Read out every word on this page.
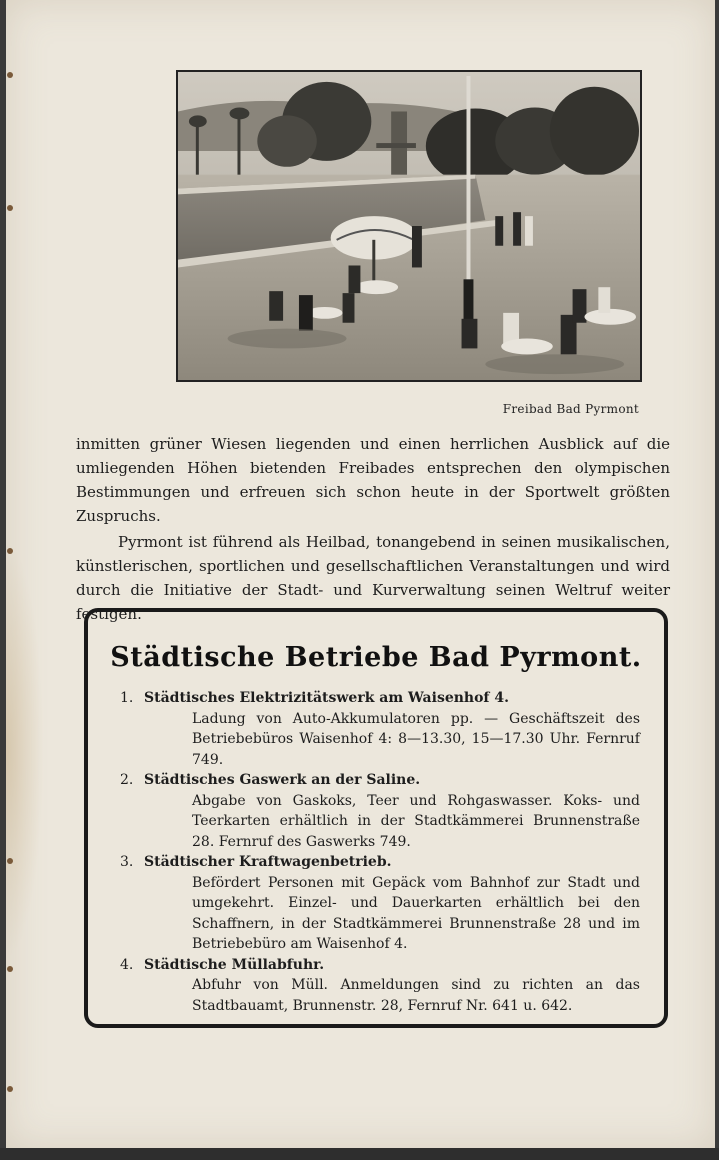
Freibad Bad Pyrmont

inmitten grüner Wiesen liegenden und einen herrlichen Ausblick auf die umliegenden Höhen bietenden Freibades entsprechen den olympischen Bestimmungen und erfreuen sich schon heute in der Sportwelt größten Zuspruchs.

Pyrmont ist führend als Heilbad, tonangebend in seinen musikalischen, künstlerischen, sportlichen und gesellschaftlichen Veranstaltungen und wird durch die Initiative der Stadt- und Kurverwaltung seinen Weltruf weiter festigen.

Städtische Betriebe Bad Pyrmont.
1. Städtisches Elektrizitätswerk am Waisenhof 4.
Ladung von Auto-Akkumulatoren pp. — Geschäftszeit des Betriebebüros Waisenhof 4: 8—13.30, 15—17.30 Uhr. Fernruf 749.
2. Städtisches Gaswerk an der Saline.
Abgabe von Gaskoks, Teer und Rohgaswasser. Koks- und Teerkarten erhältlich in der Stadtkämmerei Brunnenstraße 28. Fernruf des Gaswerks 749.
3. Städtischer Kraftwagenbetrieb.
Befördert Personen mit Gepäck vom Bahnhof zur Stadt und umgekehrt. Einzel- und Dauerkarten erhältlich bei den Schaffnern, in der Stadtkämmerei Brunnenstraße 28 und im Betriebebüro am Waisenhof 4.
4. Städtische Müllabfuhr.
Abfuhr von Müll. Anmeldungen sind zu richten an das Stadtbauamt, Brunnenstr. 28, Fernruf Nr. 641 u. 642.
